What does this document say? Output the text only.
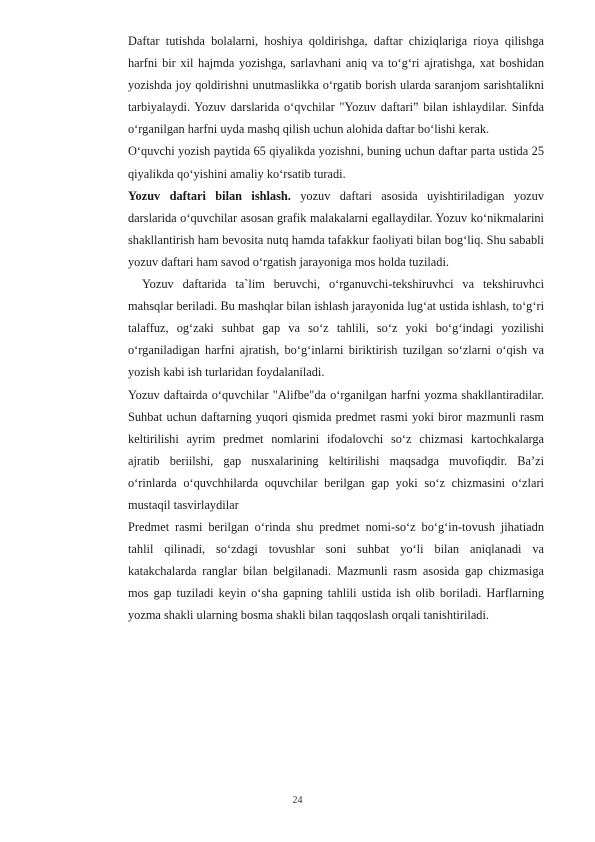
Daftar tutishda bolalarni, hoshiya qoldirishga, daftar chiziqlariga rioya qilishga harfni bir xil hajmda yozishga, sarlavhani aniq va to‘g‘ri ajratishga, xat boshidan yozishda joy qoldirishni unutmaslikka o‘rgatib borish ularda saranjom sarishtalikni tarbiyalaydi. Yozuv darslarida o‘qvchilar "Yozuv daftari” bilan ishlaydilar. Sinfda o‘rganilgan harfni uyda mashq qilish uchun alohida daftar bo‘lishi kerak.

O‘quvchi yozish paytida 65 qiyalikda yozishni, buning uchun daftar parta ustida 25 qiyalikda qo‘yishini amaliy ko‘rsatib turadi.

Yozuv daftari bilan ishlash. yozuv daftari asosida uyishtiriladigan yozuv darslarida o‘quvchilar asosan grafik malakalarni egallaydilar. Yozuv ko‘nikmalarini shakllantirish ham bevosita nutq hamda tafakkur faoliyati bilan bog‘liq. Shu sababli yozuv daftari ham savod o‘rgatish jarayoniga mos holda tuziladi.

Yozuv daftarida ta`lim beruvchi, o‘rganuvchi-tekshiruvhci va tekshiruvhci mahsqlar beriladi. Bu mashqlar bilan ishlash jarayonida lug‘at ustida ishlash, to‘g‘ri talaffuz, og‘zaki suhbat gap va so‘z tahlili, so‘z yoki bo‘g‘indagi yozilishi o‘rganiladigan harfni ajratish, bo‘g‘inlarni biriktirish tuzilgan so‘zlarni o‘qish va yozish kabi ish turlaridan foydalaniladi.

Yozuv daftairda o‘quvchilar "Alifbe"da o‘rganilgan harfni yozma shakllantiradilar. Suhbat uchun daftarning yuqori qismida predmet rasmi yoki biror mazmunli rasm keltirilishi ayrim predmet nomlarini ifodalovchi so‘z chizmasi kartochkalarga ajratib beriilshi, gap nusxalarining keltirilishi maqsadga muvofiqdir. Ba’zi o‘rinlarda o‘quvchhilarda oquvchilar berilgan gap yoki so‘z chizmasini o‘zlari mustaqil tasvirlaydilar

Predmet rasmi berilgan o‘rinda shu predmet nomi-so‘z bo‘g‘in-tovush jihatiadn tahlil qilinadi, so‘zdagi tovushlar soni suhbat yo‘li bilan aniqlanadi va katakchalarda ranglar bilan belgilanadi. Mazmunli rasm asosida gap chizmasiga mos gap tuziladi keyin o‘sha gapning tahlili ustida ish olib boriladi. Harflarning yozma shakli ularning bosma shakli bilan taqqoslash orqali tanishtiriladi.

24
